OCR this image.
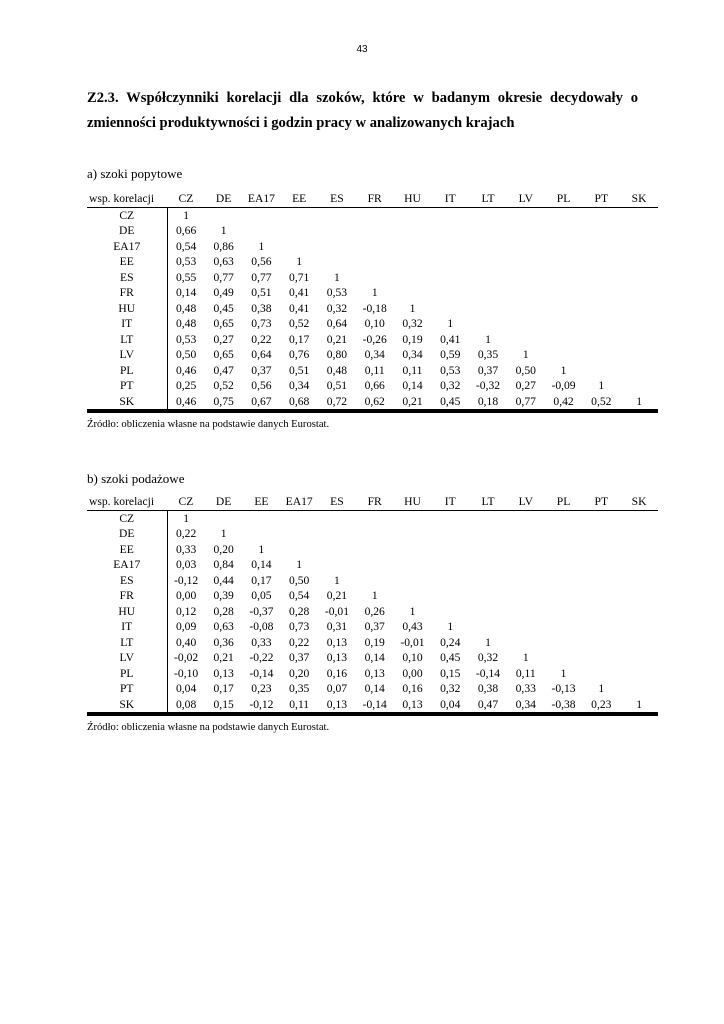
43
Z2.3. Współczynniki korelacji dla szoków, które w badanym okresie decydowały o zmienności produktywności i godzin pracy w analizowanych krajach
a) szoki popytowe
wsp. korelacji	CZ	DE	EA17	EE	ES	FR	HU	IT	LT	LV	PL	PT	SK
CZ	1												
DE	0,66	1											
EA17	0,54	0,86	1										
EE	0,53	0,63	0,56	1									
ES	0,55	0,77	0,77	0,71	1								
FR	0,14	0,49	0,51	0,41	0,53	1							
HU	0,48	0,45	0,38	0,41	0,32	-0,18	1						
IT	0,48	0,65	0,73	0,52	0,64	0,10	0,32	1					
LT	0,53	0,27	0,22	0,17	0,21	-0,26	0,19	0,41	1				
LV	0,50	0,65	0,64	0,76	0,80	0,34	0,34	0,59	0,35	1			
PL	0,46	0,47	0,37	0,51	0,48	0,11	0,11	0,53	0,37	0,50	1		
PT	0,25	0,52	0,56	0,34	0,51	0,66	0,14	0,32	-0,32	0,27	-0,09	1	
SK	0,46	0,75	0,67	0,68	0,72	0,62	0,21	0,45	0,18	0,77	0,42	0,52	1
Źródło: obliczenia własne na podstawie danych Eurostat.
b) szoki podażowe
wsp. korelacji	CZ	DE	EE	EA17	ES	FR	HU	IT	LT	LV	PL	PT	SK
CZ	1												
DE	0,22	1											
EE	0,33	0,20	1										
EA17	0,03	0,84	0,14	1									
ES	-0,12	0,44	0,17	0,50	1								
FR	0,00	0,39	0,05	0,54	0,21	1							
HU	0,12	0,28	-0,37	0,28	-0,01	0,26	1						
IT	0,09	0,63	-0,08	0,73	0,31	0,37	0,43	1					
LT	0,40	0,36	0,33	0,22	0,13	0,19	-0,01	0,24	1				
LV	-0,02	0,21	-0,22	0,37	0,13	0,14	0,10	0,45	0,32	1			
PL	-0,10	0,13	-0,14	0,20	0,16	0,13	0,00	0,15	-0,14	0,11	1		
PT	0,04	0,17	0,23	0,35	0,07	0,14	0,16	0,32	0,38	0,33	-0,13	1	
SK	0,08	0,15	-0,12	0,11	0,13	-0,14	0,13	0,04	0,47	0,34	-0,38	0,23	1
Źródło: obliczenia własne na podstawie danych Eurostat.
